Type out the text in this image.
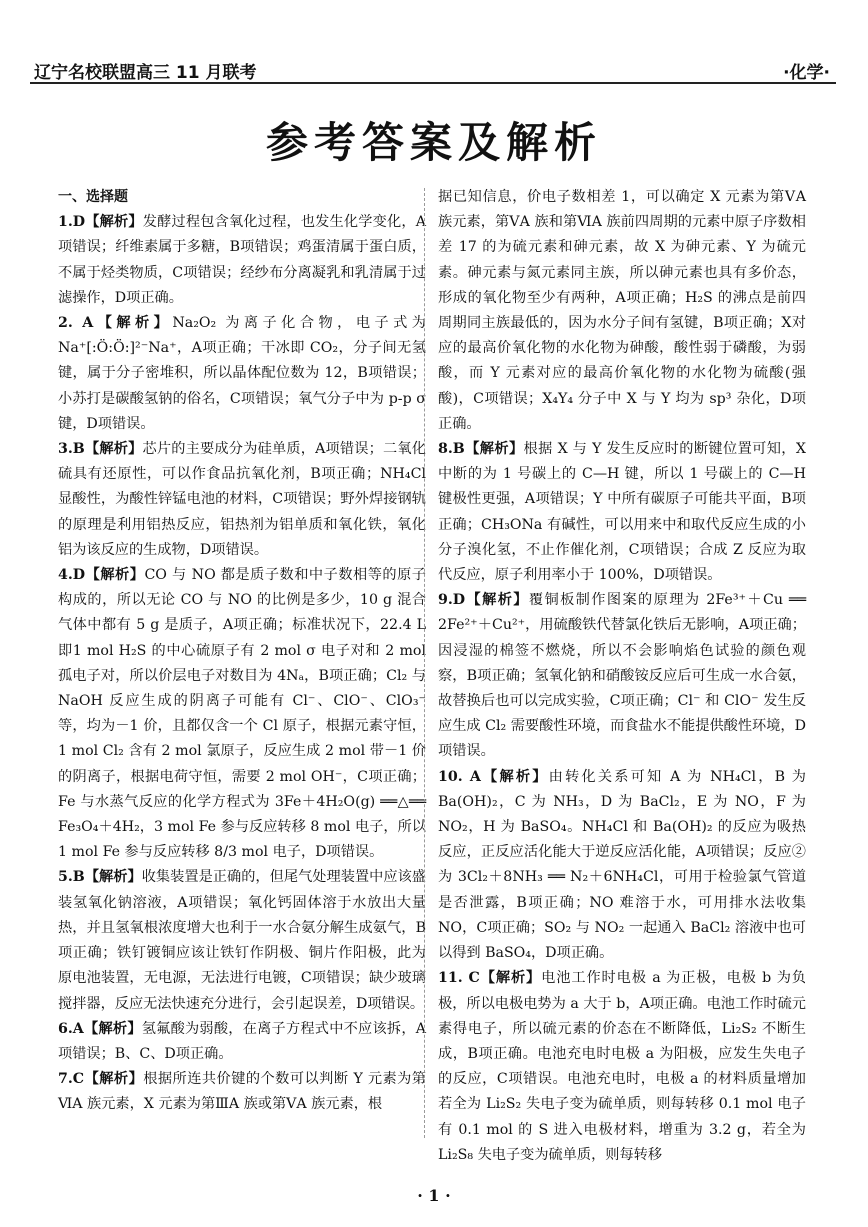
辽宁名校联盟高三 11 月联考	·化学·
参考答案及解析
一、选择题

1.D【解析】发酵过程包含氧化过程，也发生化学变化，A项错误；纤维素属于多糖，B项错误；鸡蛋清属于蛋白质，不属于烃类物质，C项错误；经纱布分离凝乳和乳清属于过滤操作，D项正确。

2. A【解析】Na₂O₂ 为离子化合物，电子式为 Na⁺[:Ö:Ö:]²⁻Na⁺，A项正确；干冰即 CO₂，分子间无氢键，属于分子密堆积，所以晶体配位数为 12，B项错误；小苏打是碳酸氢钠的俗名，C项错误；氧气分子中为 p-p σ 键，D项错误。

3.B【解析】芯片的主要成分为硅单质，A项错误；二氧化硫具有还原性，可以作食品抗氧化剂，B项正确；NH₄Cl 显酸性，为酸性锌锰电池的材料，C项错误；野外焊接钢轨的原理是利用铝热反应，铝热剂为铝单质和氧化铁，氧化铝为该反应的生成物，D项错误。

4.D【解析】CO 与 NO 都是质子数和中子数相等的原子构成的，所以无论 CO 与 NO 的比例是多少，10 g 混合气体中都有 5 g 是质子，A项正确；标准状况下，22.4 L 即1 mol H₂S 的中心硫原子有 2 mol σ 电子对和 2 mol 孤电子对，所以价层电子对数目为 4Nₐ，B项正确；Cl₂ 与 NaOH 反应生成的阴离子可能有 Cl⁻、ClO⁻、ClO₃⁻ 等，均为－1 价，且都仅含一个 Cl 原子，根据元素守恒，1 mol Cl₂ 含有 2 mol 氯原子，反应生成 2 mol 带－1 价的阴离子，根据电荷守恒，需要 2 mol OH⁻，C项正确；Fe 与水蒸气反应的化学方程式为 3Fe＋4H₂O(g) ══△══ Fe₃O₄＋4H₂，3 mol Fe 参与反应转移 8 mol 电子，所以 1 mol Fe 参与反应转移 8/3 mol 电子，D项错误。

5.B【解析】收集装置是正确的，但尾气处理装置中应该盛装氢氧化钠溶液，A项错误；氧化钙固体溶于水放出大量热，并且氢氧根浓度增大也利于一水合氨分解生成氨气，B项正确；铁钉镀铜应该让铁钉作阴极、铜片作阳极，此为原电池装置，无电源，无法进行电镀，C项错误；缺少玻璃搅拌器，反应无法快速充分进行，会引起误差，D项错误。

6.A【解析】氢氟酸为弱酸，在离子方程式中不应该拆，A项错误；B、C、D项正确。

7.C【解析】根据所连共价键的个数可以判断 Y 元素为第ⅥA 族元素，X 元素为第ⅢA 族或第ⅤA 族元素，根

据已知信息，价电子数相差 1，可以确定 X 元素为第ⅤA 族元素，第ⅤA 族和第ⅥA 族前四周期的元素中原子序数相差 17 的为硫元素和砷元素，故 X 为砷元素、Y 为硫元素。砷元素与氮元素同主族，所以砷元素也具有多价态，形成的氧化物至少有两种，A项正确；H₂S 的沸点是前四周期同主族最低的，因为水分子间有氢键，B项正确；X对应的最高价氧化物的水化物为砷酸，酸性弱于磷酸，为弱酸，而 Y 元素对应的最高价氧化物的水化物为硫酸(强酸)，C项错误；X₄Y₄ 分子中 X 与 Y 均为 sp³ 杂化，D项正确。

8.B【解析】根据 X 与 Y 发生反应时的断键位置可知，X 中断的为 1 号碳上的 C—H 键，所以 1 号碳上的 C—H 键极性更强，A项错误；Y 中所有碳原子可能共平面，B项正确；CH₃ONa 有碱性，可以用来中和取代反应生成的小分子溴化氢，不止作催化剂，C项错误；合成 Z 反应为取代反应，原子利用率小于 100%，D项错误。

9.D【解析】覆铜板制作图案的原理为 2Fe³⁺＋Cu ══ 2Fe²⁺＋Cu²⁺，用硫酸铁代替氯化铁后无影响，A项正确；因浸湿的棉签不燃烧，所以不会影响焰色试验的颜色观察，B项正确；氢氧化钠和硝酸铵反应后可生成一水合氨，故替换后也可以完成实验，C项正确；Cl⁻ 和 ClO⁻ 发生反应生成 Cl₂ 需要酸性环境，而食盐水不能提供酸性环境，D项错误。

10. A【解析】由转化关系可知 A 为 NH₄Cl，B 为 Ba(OH)₂，C 为 NH₃，D 为 BaCl₂，E 为 NO，F 为 NO₂，H 为 BaSO₄。NH₄Cl 和 Ba(OH)₂ 的反应为吸热反应，正反应活化能大于逆反应活化能，A项错误；反应②为 3Cl₂＋8NH₃ ══ N₂＋6NH₄Cl，可用于检验氯气管道是否泄露，B项正确；NO 难溶于水，可用排水法收集 NO，C项正确；SO₂ 与 NO₂ 一起通入 BaCl₂ 溶液中也可以得到 BaSO₄，D项正确。

11. C【解析】电池工作时电极 a 为正极，电极 b 为负极，所以电极电势为 a 大于 b，A项正确。电池工作时硫元素得电子，所以硫元素的价态在不断降低，Li₂S₂ 不断生成，B项正确。电池充电时电极 a 为阳极，应发生失电子的反应，C项错误。电池充电时，电极 a 的材料质量增加若全为 Li₂S₂ 失电子变为硫单质，则每转移 0.1 mol 电子有 0.1 mol 的 S 进入电极材料，增重为 3.2 g，若全为 Li₂S₈ 失电子变为硫单质，则每转移

· 1 ·
